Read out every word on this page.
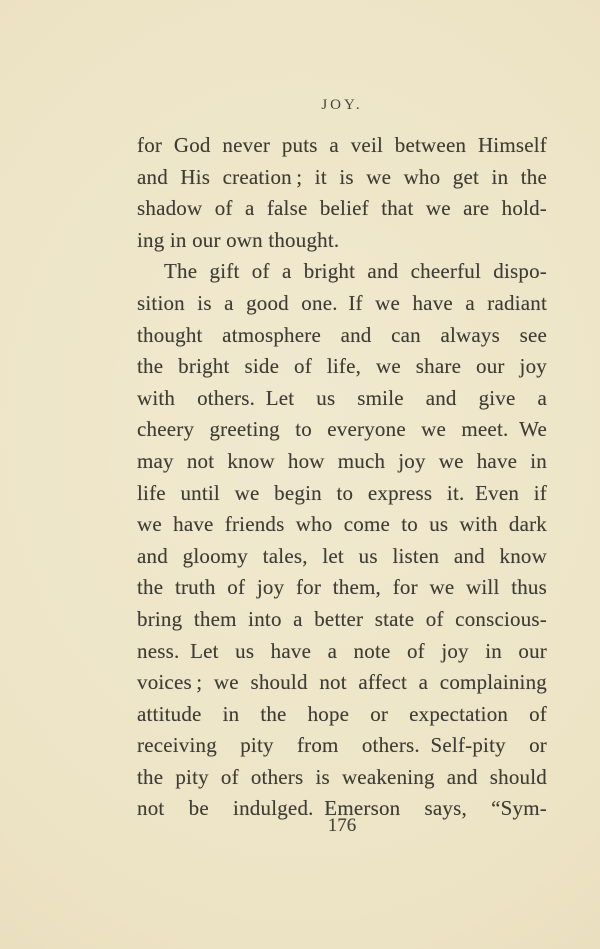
JOY.
for God never puts a veil between Himself
and His creation ; it is we who get in the
shadow of a false belief that we are hold-
ing in our own thought.
The gift of a bright and cheerful dispo-
sition is a good one. If we have a radiant
thought atmosphere and can always see
the bright side of life, we share our joy
with others. Let us smile and give a
cheery greeting to everyone we meet. We
may not know how much joy we have in
life until we begin to express it. Even if
we have friends who come to us with dark
and gloomy tales, let us listen and know
the truth of joy for them, for we will thus
bring them into a better state of conscious-
ness. Let us have a note of joy in our
voices ; we should not affect a complaining
attitude in the hope or expectation of
receiving pity from others. Self-pity or
the pity of others is weakening and should
not be indulged. Emerson says, “Sym-
176
